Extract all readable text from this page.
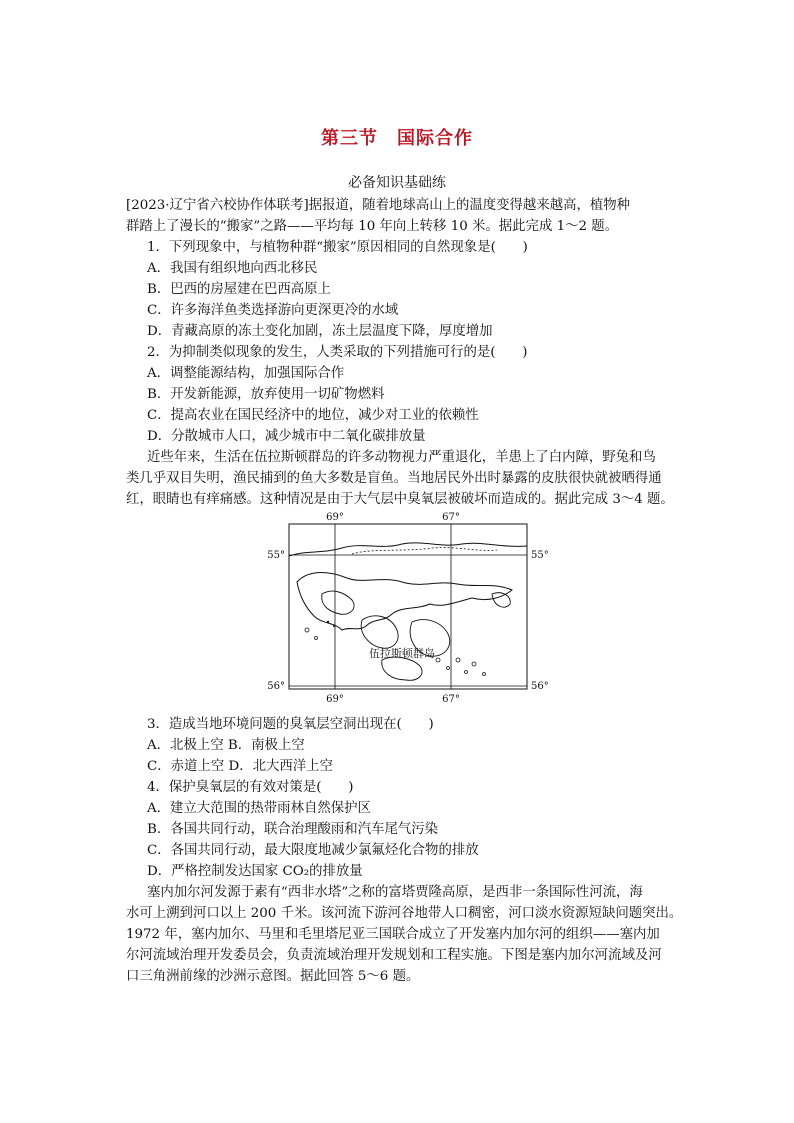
第三节　国际合作
必备知识基础练
[2023·辽宁省六校协作体联考]据报道，随着地球高山上的温度变得越来越高，植物种
群踏上了漫长的“搬家”之路——平均每 10 年向上转移 10 米。据此完成 1～2 题。
1．下列现象中，与植物种群“搬家”原因相同的自然现象是(　　)
A．我国有组织地向西北移民
B．巴西的房屋建在巴西高原上
C．许多海洋鱼类选择游向更深更冷的水域
D．青藏高原的冻土变化加剧，冻土层温度下降，厚度增加
2．为抑制类似现象的发生，人类采取的下列措施可行的是(　　)
A．调整能源结构，加强国际合作
B．开发新能源，放弃使用一切矿物燃料
C．提高农业在国民经济中的地位，减少对工业的依赖性
D．分散城市人口，减少城市中二氧化碳排放量
近些年来，生活在伍拉斯顿群岛的许多动物视力严重退化，羊患上了白内障，野兔和鸟
类几乎双目失明，渔民捕到的鱼大多数是盲鱼。当地居民外出时暴露的皮肤很快就被晒得通
红，眼睛也有痒痛感。这种情况是由于大气层中臭氧层被破坏而造成的。据此完成 3～4 题。
69°	67°
69°	67°
55°	55°
56°	56°
伍拉斯顿群岛
3．造成当地环境问题的臭氧层空洞出现在(　　)
A．北极上空 B．南极上空
C．赤道上空 D．北大西洋上空
4．保护臭氧层的有效对策是(　　)
A．建立大范围的热带雨林自然保护区
B．各国共同行动，联合治理酸雨和汽车尾气污染
C．各国共同行动，最大限度地减少氯氟烃化合物的排放
D．严格控制发达国家 CO₂的排放量
塞内加尔河发源于素有“西非水塔”之称的富塔贾隆高原，是西非一条国际性河流，海
水可上溯到河口以上 200 千米。该河流下游河谷地带人口稠密，河口淡水资源短缺问题突出。
1972 年，塞内加尔、马里和毛里塔尼亚三国联合成立了开发塞内加尔河的组织——塞内加
尔河流域治理开发委员会，负责流域治理开发规划和工程实施。下图是塞内加尔河流域及河
口三角洲前缘的沙洲示意图。据此回答 5～6 题。
